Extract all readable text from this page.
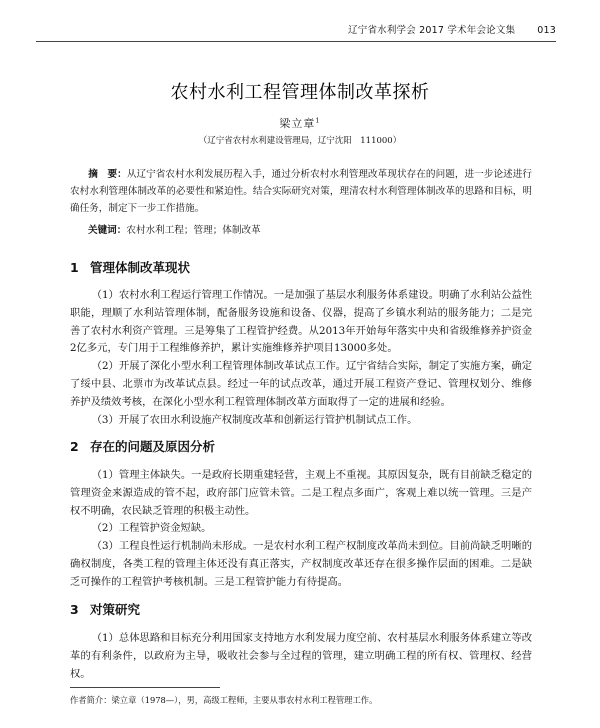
辽宁省水利学会 2017 学术年会论文集 013
农村水利工程管理体制改革探析
梁立章$^1$
（辽宁省农村水利建设管理局，辽宁沈阳　111000）
摘　要：从辽宁省农村水利发展历程入手，通过分析农村水利管理改革现状存在的问题，进一步论述进行农村水利管理体制改革的必要性和紧迫性。结合实际研究对策，理清农村水利管理体制改革的思路和目标，明确任务，制定下一步工作措施。
关键词：农村水利工程；管理；体制改革
1 管理体制改革现状

（1）农村水利工程运行管理工作情况。一是加强了基层水利服务体系建设。明确了水利站公益性职能，理顺了水利站管理体制，配备服务设施和设备、仪器，提高了乡镇水利站的服务能力；二是完善了农村水利资产管理。三是筹集了工程管护经费。从2013年开始每年落实中央和省级维修养护资金2亿多元，专门用于工程维修养护，累计实施维修养护项目13000多处。

（2）开展了深化小型水利工程管理体制改革试点工作。辽宁省结合实际，制定了实施方案，确定了绥中县、北票市为改革试点县。经过一年的试点改革，通过开展工程资产登记、管理权划分、维修养护及绩效考核，在深化小型水利工程管理体制改革方面取得了一定的进展和经验。

（3）开展了农田水利设施产权制度改革和创新运行管护机制试点工作。

2 存在的问题及原因分析

（1）管理主体缺失。一是政府长期重建轻营，主观上不重视。其原因复杂，既有目前缺乏稳定的管理资金来源造成的管不起，政府部门应管未管。二是工程点多面广，客观上难以统一管理。三是产权不明确，农民缺乏管理的积极主动性。

（2）工程管护资金短缺。

（3）工程良性运行机制尚未形成。一是农村水利工程产权制度改革尚未到位。目前尚缺乏明晰的确权制度，各类工程的管理主体还没有真正落实，产权制度改革还存在很多操作层面的困难。二是缺乏可操作的工程管护考核机制。三是工程管护能力有待提高。

3 对策研究

（1）总体思路和目标充分利用国家支持地方水利发展力度空前、农村基层水利服务体系建立等改革的有利条件，以政府为主导，吸收社会参与全过程的管理，建立明确工程的所有权、管理权、经营权。

作者简介：梁立章（1978—），男，高级工程师，主要从事农村水利工程管理工作。
